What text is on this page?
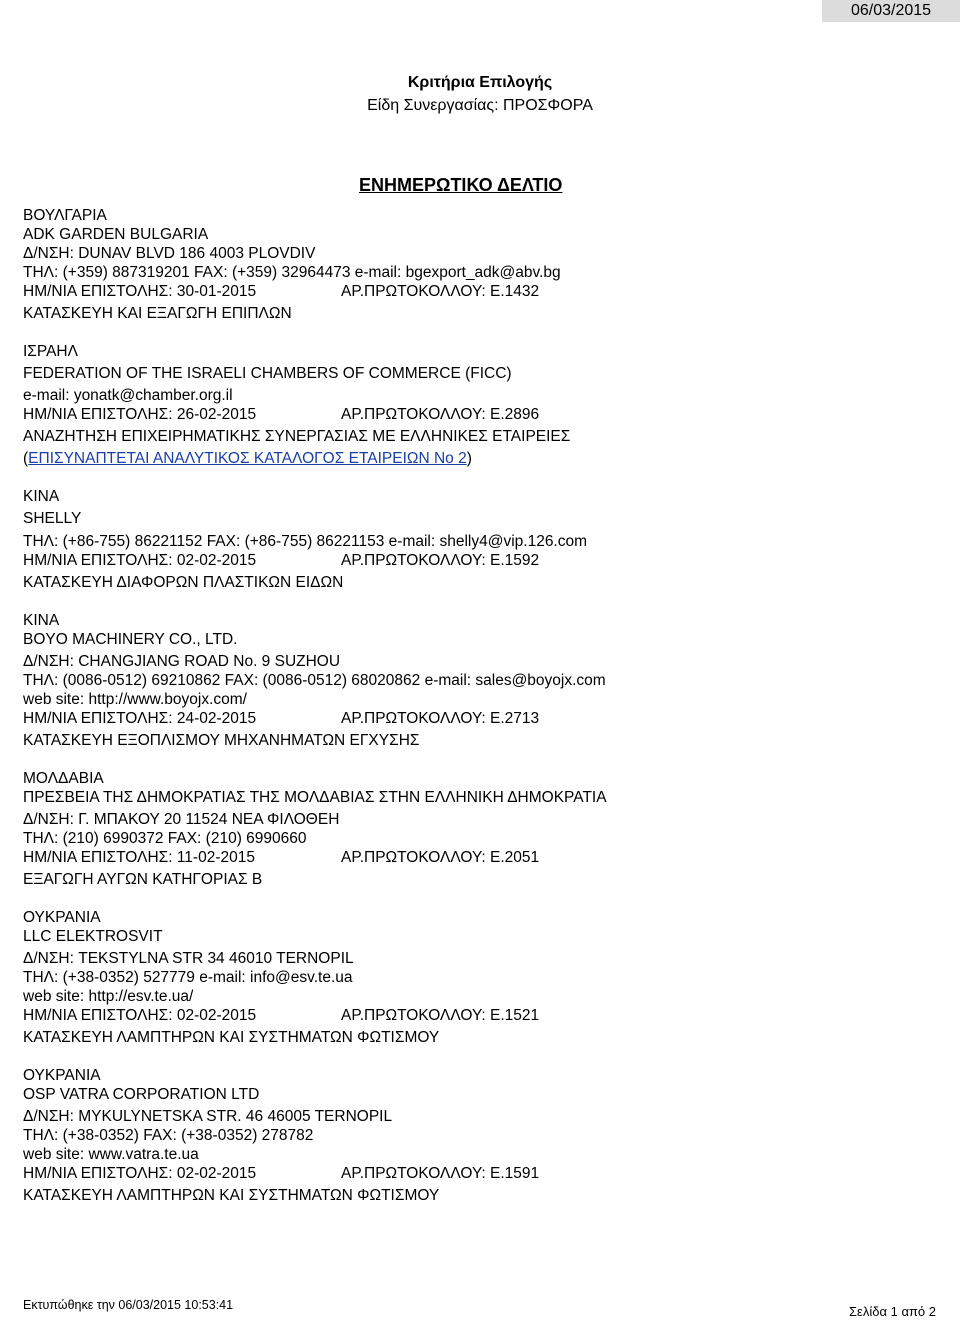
06/03/2015
Κριτήρια Επιλογής
Είδη Συνεργασίας: ΠΡΟΣΦΟΡΑ
ΕΝΗΜΕΡΩΤΙΚΟ ΔΕΛΤΙΟ
ΒΟΥΛΓΑΡΙΑ
ADK GARDEN BULGARIA
Δ/ΝΣΗ: DUNAV BLVD 186 4003 PLOVDIV
ΤΗΛ: (+359) 887319201 FAX: (+359) 32964473 e-mail: bgexport_adk@abv.bg
ΗΜ/ΝΙΑ ΕΠΙΣΤΟΛΗΣ: 30-01-2015	ΑΡ.ΠΡΩΤΟΚΟΛΛΟΥ: Ε.1432
ΚΑΤΑΣΚΕΥΗ ΚΑΙ ΕΞΑΓΩΓΗ ΕΠΙΠΛΩΝ
ΙΣΡΑΗΛ
FEDERATION OF THE ISRAELI CHAMBERS OF COMMERCE (FICC)
e-mail: yonatk@chamber.org.il
ΗΜ/ΝΙΑ ΕΠΙΣΤΟΛΗΣ: 26-02-2015	ΑΡ.ΠΡΩΤΟΚΟΛΛΟΥ: Ε.2896
ΑΝΑΖΗΤΗΣΗ ΕΠΙΧΕΙΡΗΜΑΤΙΚΗΣ ΣΥΝΕΡΓΑΣΙΑΣ ΜΕ ΕΛΛΗΝΙΚΕΣ ΕΤΑΙΡΕΙΕΣ
(ΕΠΙΣΥΝΑΠΤΕΤΑΙ ΑΝΑΛΥΤΙΚΟΣ ΚΑΤΑΛΟΓΟΣ ΕΤΑΙΡΕΙΩΝ Νο 2)
ΚΙΝΑ
SHELLY
ΤΗΛ: (+86-755) 86221152 FAX: (+86-755) 86221153 e-mail: shelly4@vip.126.com
ΗΜ/ΝΙΑ ΕΠΙΣΤΟΛΗΣ: 02-02-2015	ΑΡ.ΠΡΩΤΟΚΟΛΛΟΥ: Ε.1592
ΚΑΤΑΣΚΕΥΗ ΔΙΑΦΟΡΩΝ ΠΛΑΣΤΙΚΩΝ ΕΙΔΩΝ
ΚΙΝΑ
BOYO MACHINERY CO., LTD.
Δ/ΝΣΗ: CHANGJIANG ROAD No. 9 SUZHOU
ΤΗΛ: (0086-0512) 69210862 FAX: (0086-0512) 68020862 e-mail: sales@boyojx.com
web site: http://www.boyojx.com/
ΗΜ/ΝΙΑ ΕΠΙΣΤΟΛΗΣ: 24-02-2015	ΑΡ.ΠΡΩΤΟΚΟΛΛΟΥ: Ε.2713
ΚΑΤΑΣΚΕΥΗ ΕΞΟΠΛΙΣΜΟΥ ΜΗΧΑΝΗΜΑΤΩΝ ΕΓΧΥΣΗΣ
ΜΟΛΔΑΒΙΑ
ΠΡΕΣΒΕΙΑ ΤΗΣ ΔΗΜΟΚΡΑΤΙΑΣ ΤΗΣ ΜΟΛΔΑΒΙΑΣ ΣΤΗΝ ΕΛΛΗΝΙΚΗ ΔΗΜΟΚΡΑΤΙΑ
Δ/ΝΣΗ: Γ. ΜΠΑΚΟΥ 20 11524 ΝΕΑ ΦΙΛΟΘΕΗ
ΤΗΛ: (210) 6990372 FAX: (210) 6990660
ΗΜ/ΝΙΑ ΕΠΙΣΤΟΛΗΣ: 11-02-2015	ΑΡ.ΠΡΩΤΟΚΟΛΛΟΥ: Ε.2051
ΕΞΑΓΩΓΗ ΑΥΓΩΝ ΚΑΤΗΓΟΡΙΑΣ Β
ΟΥΚΡΑΝΙΑ
LLC ELEKTROSVIT
Δ/ΝΣΗ: TEKSTYLNA STR 34 46010 TERNOPIL
ΤΗΛ: (+38-0352) 527779 e-mail: info@esv.te.ua
web site: http://esv.te.ua/
ΗΜ/ΝΙΑ ΕΠΙΣΤΟΛΗΣ: 02-02-2015	ΑΡ.ΠΡΩΤΟΚΟΛΛΟΥ: Ε.1521
ΚΑΤΑΣΚΕΥΗ ΛΑΜΠΤΗΡΩΝ ΚΑΙ ΣΥΣΤΗΜΑΤΩΝ ΦΩΤΙΣΜΟΥ
ΟΥΚΡΑΝΙΑ
OSP VATRA CORPORATION LTD
Δ/ΝΣΗ: MYKULYNETSKA STR. 46 46005 TERNOPIL
ΤΗΛ: (+38-0352) FAX: (+38-0352) 278782
web site: www.vatra.te.ua
ΗΜ/ΝΙΑ ΕΠΙΣΤΟΛΗΣ: 02-02-2015	ΑΡ.ΠΡΩΤΟΚΟΛΛΟΥ: Ε.1591
ΚΑΤΑΣΚΕΥΗ ΛΑΜΠΤΗΡΩΝ ΚΑΙ ΣΥΣΤΗΜΑΤΩΝ ΦΩΤΙΣΜΟΥ
Εκτυπώθηκε την 06/03/2015 10:53:41	Σελίδα 1 από 2
